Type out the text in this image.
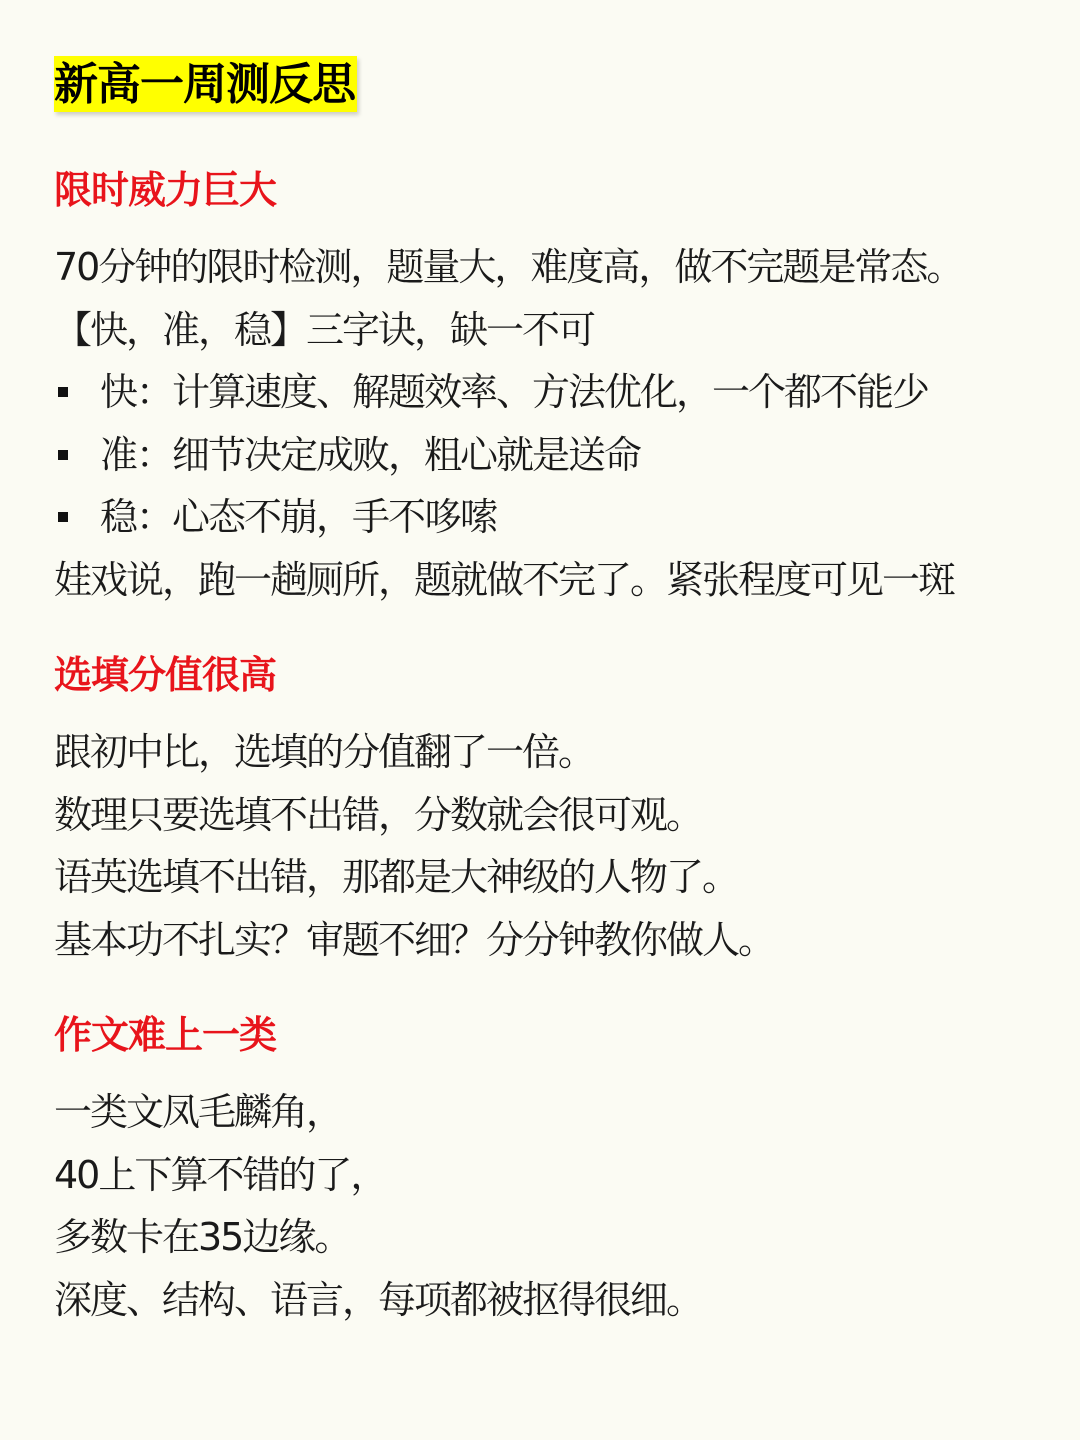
新高一周测反思
限时威力巨大

70分钟的限时检测，题量大，难度高，做不完题是常态。

【快，准，稳】三字诀，缺一不可

快：计算速度、解题效率、方法优化，一个都不能少
准：细节决定成败，粗心就是送命
稳：心态不崩，手不哆嗦

娃戏说，跑一趟厕所，题就做不完了。紧张程度可见一斑

选填分值很高

跟初中比，选填的分值翻了一倍。

数理只要选填不出错，分数就会很可观。

语英选填不出错，那都是大神级的人物了。

基本功不扎实？审题不细？分分钟教你做人。

作文难上一类

一类文凤毛麟角，

40上下算不错的了，

多数卡在35边缘。

深度、结构、语言，每项都被抠得很细。
